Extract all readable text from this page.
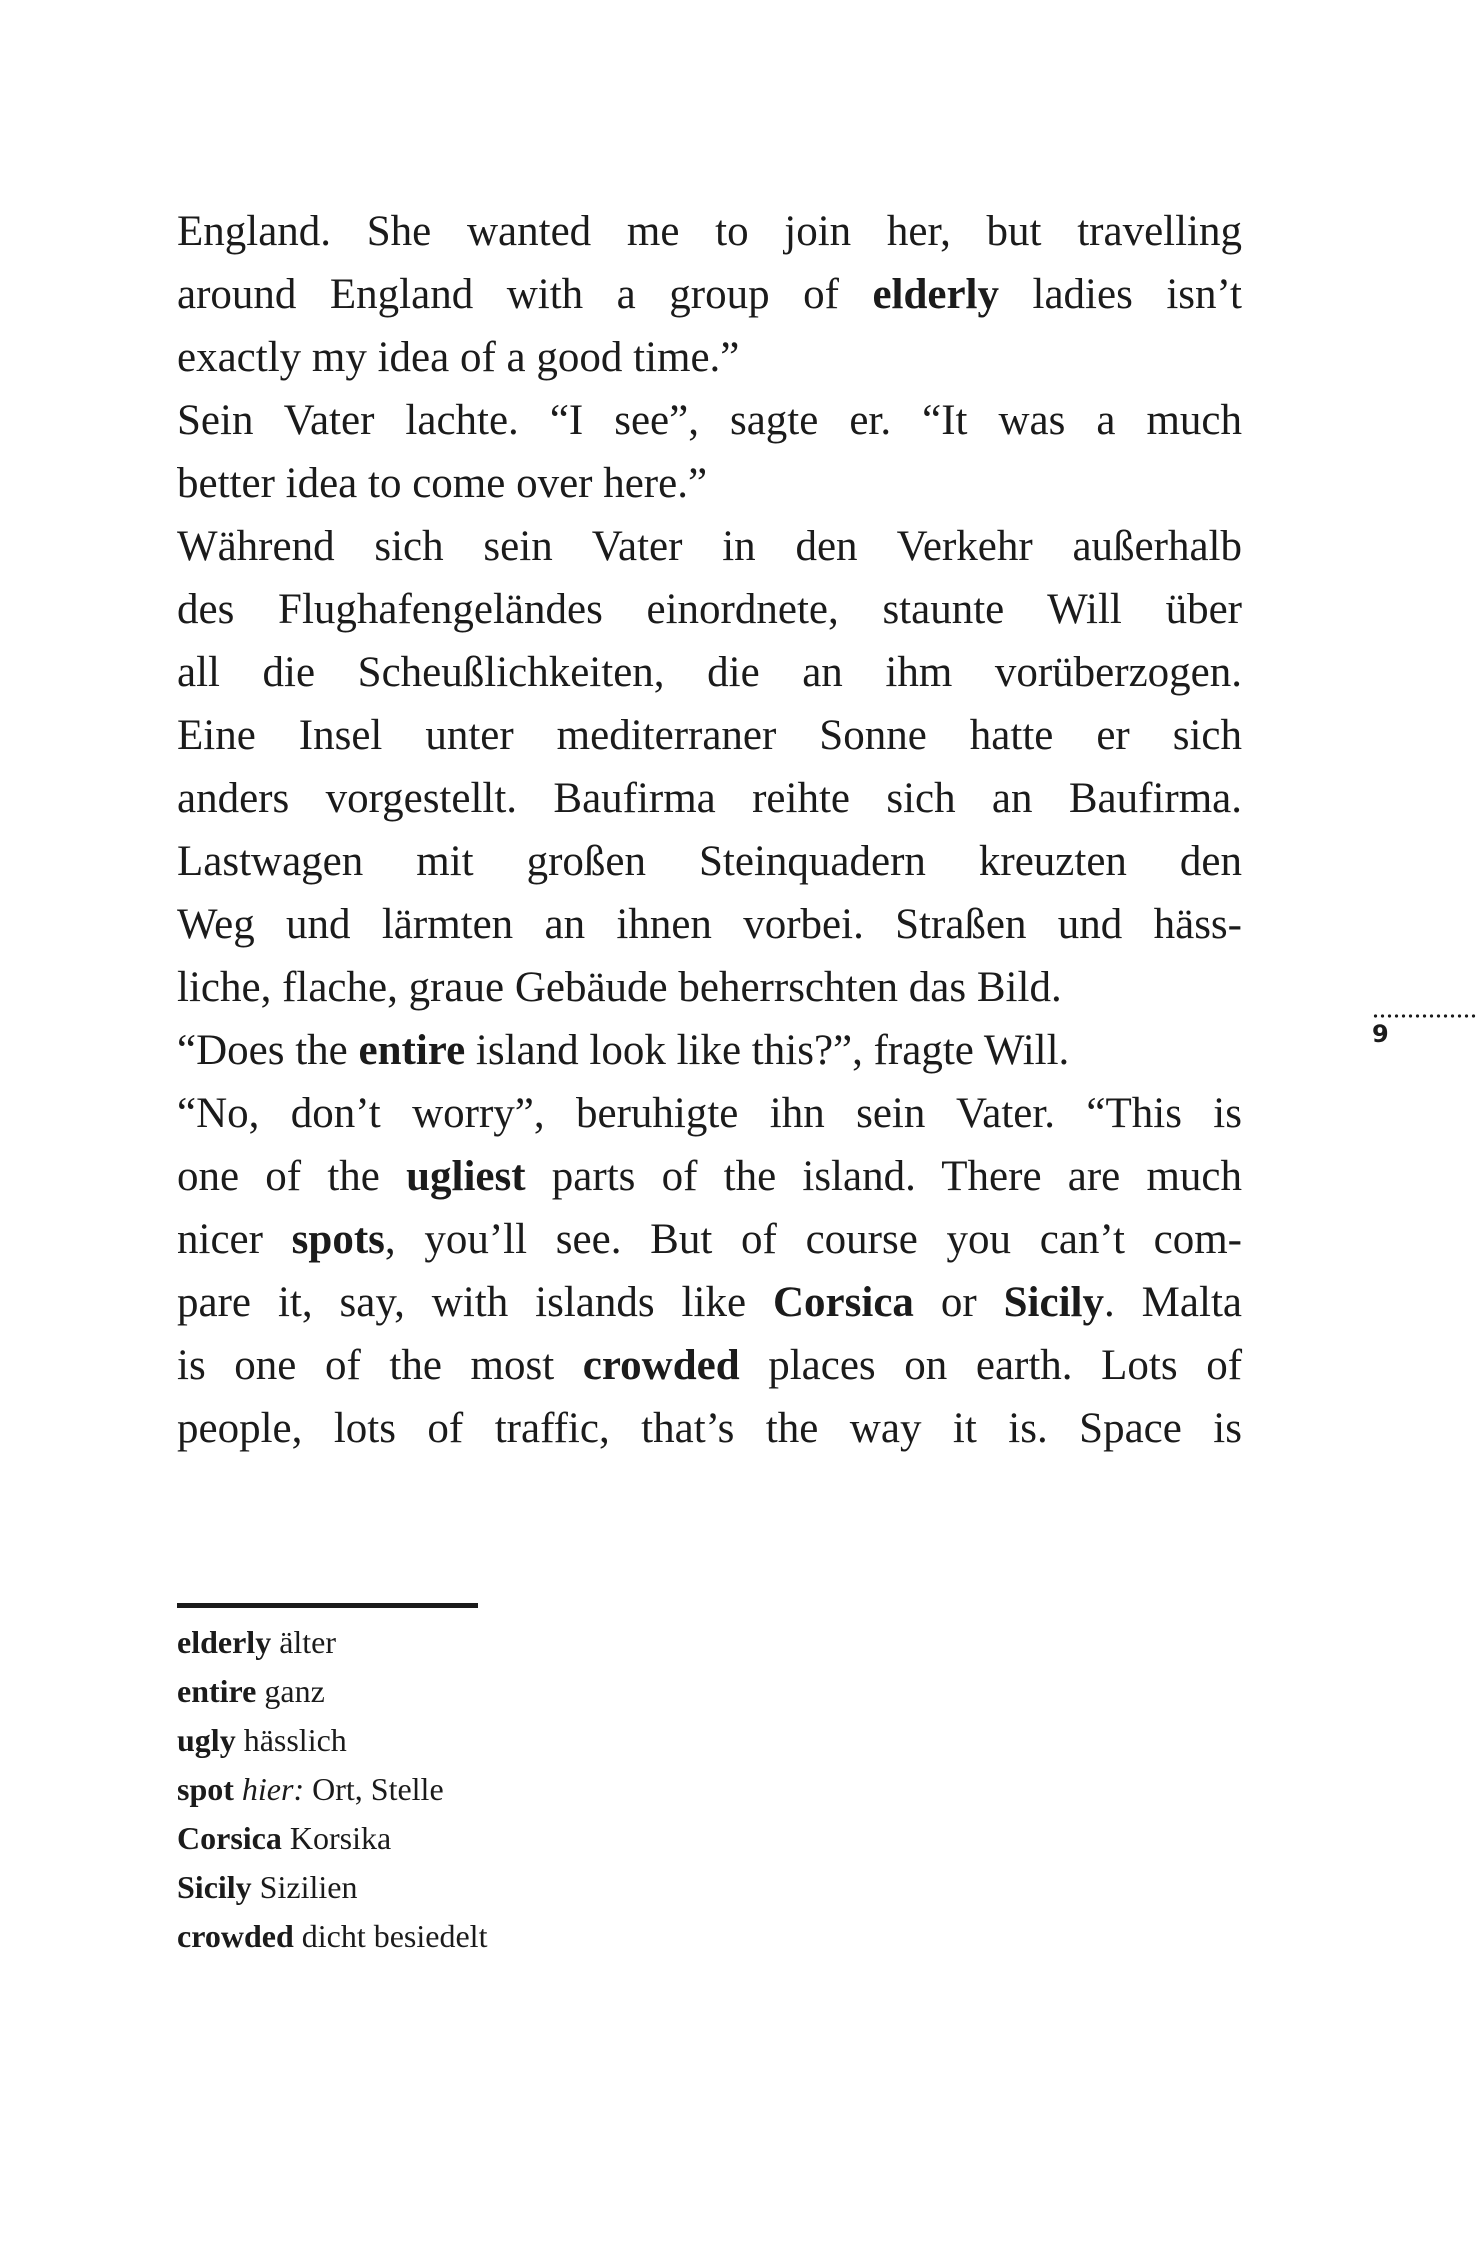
England. She wanted me to join her, but travelling
around England with a group of elderly ladies isn’t
exactly my idea of a good time.”
Sein Vater lachte. “I see”, sagte er. “It was a much
better idea to come over here.”
Während sich sein Vater in den Verkehr außerhalb
des Flughafengeländes einordnete, staunte Will über
all die Scheußlichkeiten, die an ihm vorüberzogen.
Eine Insel unter mediterraner Sonne hatte er sich
anders vorgestellt. Baufirma reihte sich an Baufirma.
Lastwagen mit großen Steinquadern kreuzten den
Weg und lärmten an ihnen vorbei. Straßen und häss-
liche, flache, graue Gebäude beherrschten das Bild.
“Does the entire island look like this?”, fragte Will.
“No, don’t worry”, beruhigte ihn sein Vater. “This is
one of the ugliest parts of the island. There are much
nicer spots, you’ll see. But of course you can’t com-
pare it, say, with islands like Corsica or Sicily. Malta
is one of the most crowded places on earth. Lots of
people, lots of traffic, that’s the way it is. Space is
elderly älter
entire ganz
ugly hässlich
spot hier: Ort, Stelle
Corsica Korsika
Sicily Sizilien
crowded dicht besiedelt
9
